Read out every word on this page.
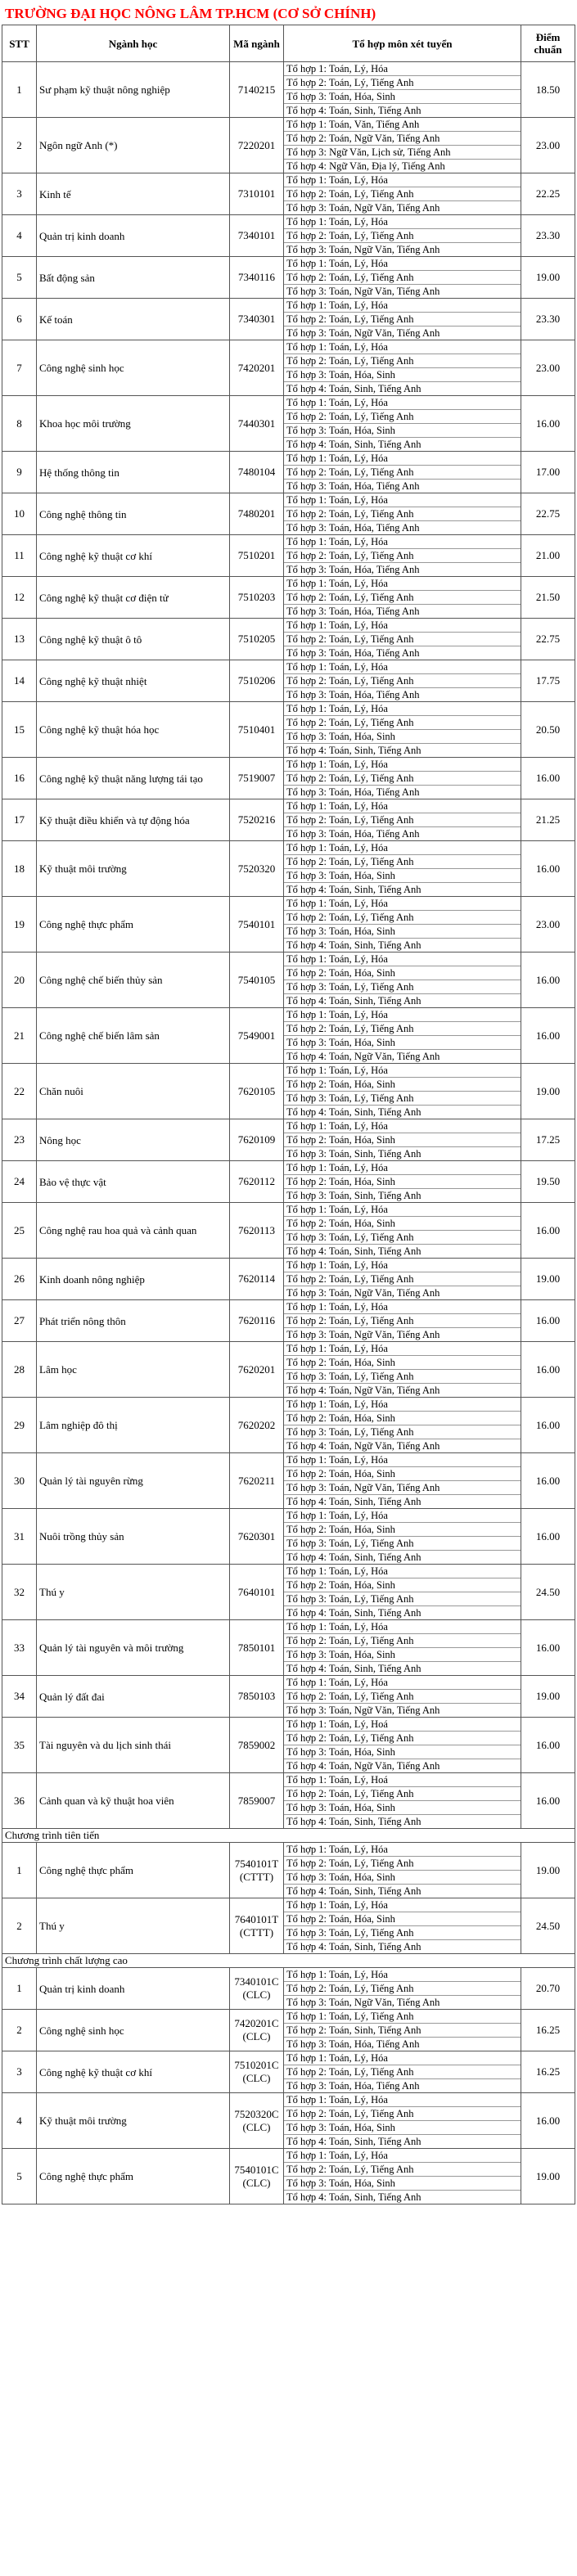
TRƯỜNG ĐẠI HỌC NÔNG LÂM TP.HCM (CƠ SỞ CHÍNH)
STT	Ngành học	Mã ngành	Tổ hợp môn xét tuyển	Điểm chuẩn
1	Sư phạm kỹ thuật nông nghiệp	7140215	Tổ hợp 1: Toán, Lý, Hóa
Tổ hợp 2: Toán, Lý, Tiếng Anh
Tổ hợp 3: Toán, Hóa, Sinh
Tổ hợp 4: Toán, Sinh, Tiếng Anh	18.50
2	Ngôn ngữ Anh (*)	7220201	Tổ hợp 1: Toán, Văn, Tiếng Anh
Tổ hợp 2: Toán, Ngữ Văn, Tiếng Anh
Tổ hợp 3: Ngữ Văn, Lịch sử, Tiếng Anh
Tổ hợp 4: Ngữ Văn, Địa lý, Tiếng Anh	23.00
3	Kinh tế	7310101	Tổ hợp 1: Toán, Lý, Hóa
Tổ hợp 2: Toán, Lý, Tiếng Anh
Tổ hợp 3: Toán, Ngữ Văn, Tiếng Anh	22.25
4	Quản trị kinh doanh	7340101	Tổ hợp 1: Toán, Lý, Hóa
Tổ hợp 2: Toán, Lý, Tiếng Anh
Tổ hợp 3: Toán, Ngữ Văn, Tiếng Anh	23.30
5	Bất động sản	7340116	Tổ hợp 1: Toán, Lý, Hóa
Tổ hợp 2: Toán, Lý, Tiếng Anh
Tổ hợp 3: Toán, Ngữ Văn, Tiếng Anh	19.00
6	Kế toán	7340301	Tổ hợp 1: Toán, Lý, Hóa
Tổ hợp 2: Toán, Lý, Tiếng Anh
Tổ hợp 3: Toán, Ngữ Văn, Tiếng Anh	23.30
7	Công nghệ sinh học	7420201	Tổ hợp 1: Toán, Lý, Hóa
Tổ hợp 2: Toán, Lý, Tiếng Anh
Tổ hợp 3: Toán, Hóa, Sinh
Tổ hợp 4: Toán, Sinh, Tiếng Anh	23.00
8	Khoa học môi trường	7440301	Tổ hợp 1: Toán, Lý, Hóa
Tổ hợp 2: Toán, Lý, Tiếng Anh
Tổ hợp 3: Toán, Hóa, Sinh
Tổ hợp 4: Toán, Sinh, Tiếng Anh	16.00
9	Hệ thống thông tin	7480104	Tổ hợp 1: Toán, Lý, Hóa
Tổ hợp 2: Toán, Lý, Tiếng Anh
Tổ hợp 3: Toán, Hóa, Tiếng Anh	17.00
10	Công nghệ thông tin	7480201	Tổ hợp 1: Toán, Lý, Hóa
Tổ hợp 2: Toán, Lý, Tiếng Anh
Tổ hợp 3: Toán, Hóa, Tiếng Anh	22.75
11	Công nghệ kỹ thuật cơ khí	7510201	Tổ hợp 1: Toán, Lý, Hóa
Tổ hợp 2: Toán, Lý, Tiếng Anh
Tổ hợp 3: Toán, Hóa, Tiếng Anh	21.00
12	Công nghệ kỹ thuật cơ điện tử	7510203	Tổ hợp 1: Toán, Lý, Hóa
Tổ hợp 2: Toán, Lý, Tiếng Anh
Tổ hợp 3: Toán, Hóa, Tiếng Anh	21.50
13	Công nghệ kỹ thuật ô tô	7510205	Tổ hợp 1: Toán, Lý, Hóa
Tổ hợp 2: Toán, Lý, Tiếng Anh
Tổ hợp 3: Toán, Hóa, Tiếng Anh	22.75
14	Công nghệ kỹ thuật nhiệt	7510206	Tổ hợp 1: Toán, Lý, Hóa
Tổ hợp 2: Toán, Lý, Tiếng Anh
Tổ hợp 3: Toán, Hóa, Tiếng Anh	17.75
15	Công nghệ kỹ thuật hóa học	7510401	Tổ hợp 1: Toán, Lý, Hóa
Tổ hợp 2: Toán, Lý, Tiếng Anh
Tổ hợp 3: Toán, Hóa, Sinh
Tổ hợp 4: Toán, Sinh, Tiếng Anh	20.50
16	Công nghệ kỹ thuật năng lượng tái tạo	7519007	Tổ hợp 1: Toán, Lý, Hóa
Tổ hợp 2: Toán, Lý, Tiếng Anh
Tổ hợp 3: Toán, Hóa, Tiếng Anh	16.00
17	Kỹ thuật điều khiển và tự động hóa	7520216	Tổ hợp 1: Toán, Lý, Hóa
Tổ hợp 2: Toán, Lý, Tiếng Anh
Tổ hợp 3: Toán, Hóa, Tiếng Anh	21.25
18	Kỹ thuật môi trường	7520320	Tổ hợp 1: Toán, Lý, Hóa
Tổ hợp 2: Toán, Lý, Tiếng Anh
Tổ hợp 3: Toán, Hóa, Sinh
Tổ hợp 4: Toán, Sinh, Tiếng Anh	16.00
19	Công nghệ thực phẩm	7540101	Tổ hợp 1: Toán, Lý, Hóa
Tổ hợp 2: Toán, Lý, Tiếng Anh
Tổ hợp 3: Toán, Hóa, Sinh
Tổ hợp 4: Toán, Sinh, Tiếng Anh	23.00
20	Công nghệ chế biến thủy sản	7540105	Tổ hợp 1: Toán, Lý, Hóa
Tổ hợp 2: Toán, Hóa, Sinh
Tổ hợp 3: Toán, Lý, Tiếng Anh
Tổ hợp 4: Toán, Sinh, Tiếng Anh	16.00
21	Công nghệ chế biến lâm sản	7549001	Tổ hợp 1: Toán, Lý, Hóa
Tổ hợp 2: Toán, Lý, Tiếng Anh
Tổ hợp 3: Toán, Hóa, Sinh
Tổ hợp 4: Toán, Ngữ Văn, Tiếng Anh	16.00
22	Chăn nuôi	7620105	Tổ hợp 1: Toán, Lý, Hóa
Tổ hợp 2: Toán, Hóa, Sinh
Tổ hợp 3: Toán, Lý, Tiếng Anh
Tổ hợp 4: Toán, Sinh, Tiếng Anh	19.00
23	Nông học	7620109	Tổ hợp 1: Toán, Lý, Hóa
Tổ hợp 2: Toán, Hóa, Sinh
Tổ hợp 3: Toán, Sinh, Tiếng Anh	17.25
24	Bảo vệ thực vật	7620112	Tổ hợp 1: Toán, Lý, Hóa
Tổ hợp 2: Toán, Hóa, Sinh
Tổ hợp 3: Toán, Sinh, Tiếng Anh	19.50
25	Công nghệ rau hoa quả và cảnh quan	7620113	Tổ hợp 1: Toán, Lý, Hóa
Tổ hợp 2: Toán, Hóa, Sinh
Tổ hợp 3: Toán, Lý, Tiếng Anh
Tổ hợp 4: Toán, Sinh, Tiếng Anh	16.00
26	Kinh doanh nông nghiệp	7620114	Tổ hợp 1: Toán, Lý, Hóa
Tổ hợp 2: Toán, Lý, Tiếng Anh
Tổ hợp 3: Toán, Ngữ Văn, Tiếng Anh	19.00
27	Phát triển nông thôn	7620116	Tổ hợp 1: Toán, Lý, Hóa
Tổ hợp 2: Toán, Lý, Tiếng Anh
Tổ hợp 3: Toán, Ngữ Văn, Tiếng Anh	16.00
28	Lâm học	7620201	Tổ hợp 1: Toán, Lý, Hóa
Tổ hợp 2: Toán, Hóa, Sinh
Tổ hợp 3: Toán, Lý, Tiếng Anh
Tổ hợp 4: Toán, Ngữ Văn, Tiếng Anh	16.00
29	Lâm nghiệp đô thị	7620202	Tổ hợp 1: Toán, Lý, Hóa
Tổ hợp 2: Toán, Hóa, Sinh
Tổ hợp 3: Toán, Lý, Tiếng Anh
Tổ hợp 4: Toán, Ngữ Văn, Tiếng Anh	16.00
30	Quản lý tài nguyên rừng	7620211	Tổ hợp 1: Toán, Lý, Hóa
Tổ hợp 2: Toán, Hóa, Sinh
Tổ hợp 3: Toán, Ngữ Văn, Tiếng Anh
Tổ hợp 4: Toán, Sinh, Tiếng Anh	16.00
31	Nuôi trồng thủy sản	7620301	Tổ hợp 1: Toán, Lý, Hóa
Tổ hợp 2: Toán, Hóa, Sinh
Tổ hợp 3: Toán, Lý, Tiếng Anh
Tổ hợp 4: Toán, Sinh, Tiếng Anh	16.00
32	Thú y	7640101	Tổ hợp 1: Toán, Lý, Hóa
Tổ hợp 2: Toán, Hóa, Sinh
Tổ hợp 3: Toán, Lý, Tiếng Anh
Tổ hợp 4: Toán, Sinh, Tiếng Anh	24.50
33	Quản lý tài nguyên và môi trường	7850101	Tổ hợp 1: Toán, Lý, Hóa
Tổ hợp 2: Toán, Lý, Tiếng Anh
Tổ hợp 3: Toán, Hóa, Sinh
Tổ hợp 4: Toán, Sinh, Tiếng Anh	16.00
34	Quản lý đất đai	7850103	Tổ hợp 1: Toán, Lý, Hóa
Tổ hợp 2: Toán, Lý, Tiếng Anh
Tổ hợp 3: Toán, Ngữ Văn, Tiếng Anh	19.00
35	Tài nguyên và du lịch sinh thái	7859002	Tổ hợp 1: Toán, Lý, Hoá
Tổ hợp 2: Toán, Lý, Tiếng Anh
Tổ hợp 3: Toán, Hóa, Sinh
Tổ hợp 4: Toán, Ngữ Văn, Tiếng Anh	16.00
36	Cảnh quan và kỹ thuật hoa viên	7859007	Tổ hợp 1: Toán, Lý, Hoá
Tổ hợp 2: Toán, Lý, Tiếng Anh
Tổ hợp 3: Toán, Hóa, Sinh
Tổ hợp 4: Toán, Sinh, Tiếng Anh	16.00
Chương trình tiên tiến				
1	Công nghệ thực phẩm	7540101T (CTTT)	Tổ hợp 1: Toán, Lý, Hóa
Tổ hợp 2: Toán, Lý, Tiếng Anh
Tổ hợp 3: Toán, Hóa, Sinh
Tổ hợp 4: Toán, Sinh, Tiếng Anh	19.00
2	Thú y	7640101T (CTTT)	Tổ hợp 1: Toán, Lý, Hóa
Tổ hợp 2: Toán, Hóa, Sinh
Tổ hợp 3: Toán, Lý, Tiếng Anh
Tổ hợp 4: Toán, Sinh, Tiếng Anh	24.50
Chương trình chất lượng cao				
1	Quản trị kinh doanh	7340101C (CLC)	Tổ hợp 1: Toán, Lý, Hóa
Tổ hợp 2: Toán, Lý, Tiếng Anh
Tổ hợp 3: Toán, Ngữ Văn, Tiếng Anh	20.70
2	Công nghệ sinh học	7420201C (CLC)	Tổ hợp 1: Toán, Lý, Tiếng Anh
Tổ hợp 2: Toán, Sinh, Tiếng Anh
Tổ hợp 3: Toán, Hóa, Tiếng Anh	16.25
3	Công nghệ kỹ thuật cơ khí	7510201C (CLC)	Tổ hợp 1: Toán, Lý, Hóa
Tổ hợp 2: Toán, Lý, Tiếng Anh
Tổ hợp 3: Toán, Hóa, Tiếng Anh	16.25
4	Kỹ thuật môi trường	7520320C (CLC)	Tổ hợp 1: Toán, Lý, Hóa
Tổ hợp 2: Toán, Lý, Tiếng Anh
Tổ hợp 3: Toán, Hóa, Sinh
Tổ hợp 4: Toán, Sinh, Tiếng Anh	16.00
5	Công nghệ thực phẩm	7540101C (CLC)	Tổ hợp 1: Toán, Lý, Hóa
Tổ hợp 2: Toán, Lý, Tiếng Anh
Tổ hợp 3: Toán, Hóa, Sinh
Tổ hợp 4: Toán, Sinh, Tiếng Anh	19.00
